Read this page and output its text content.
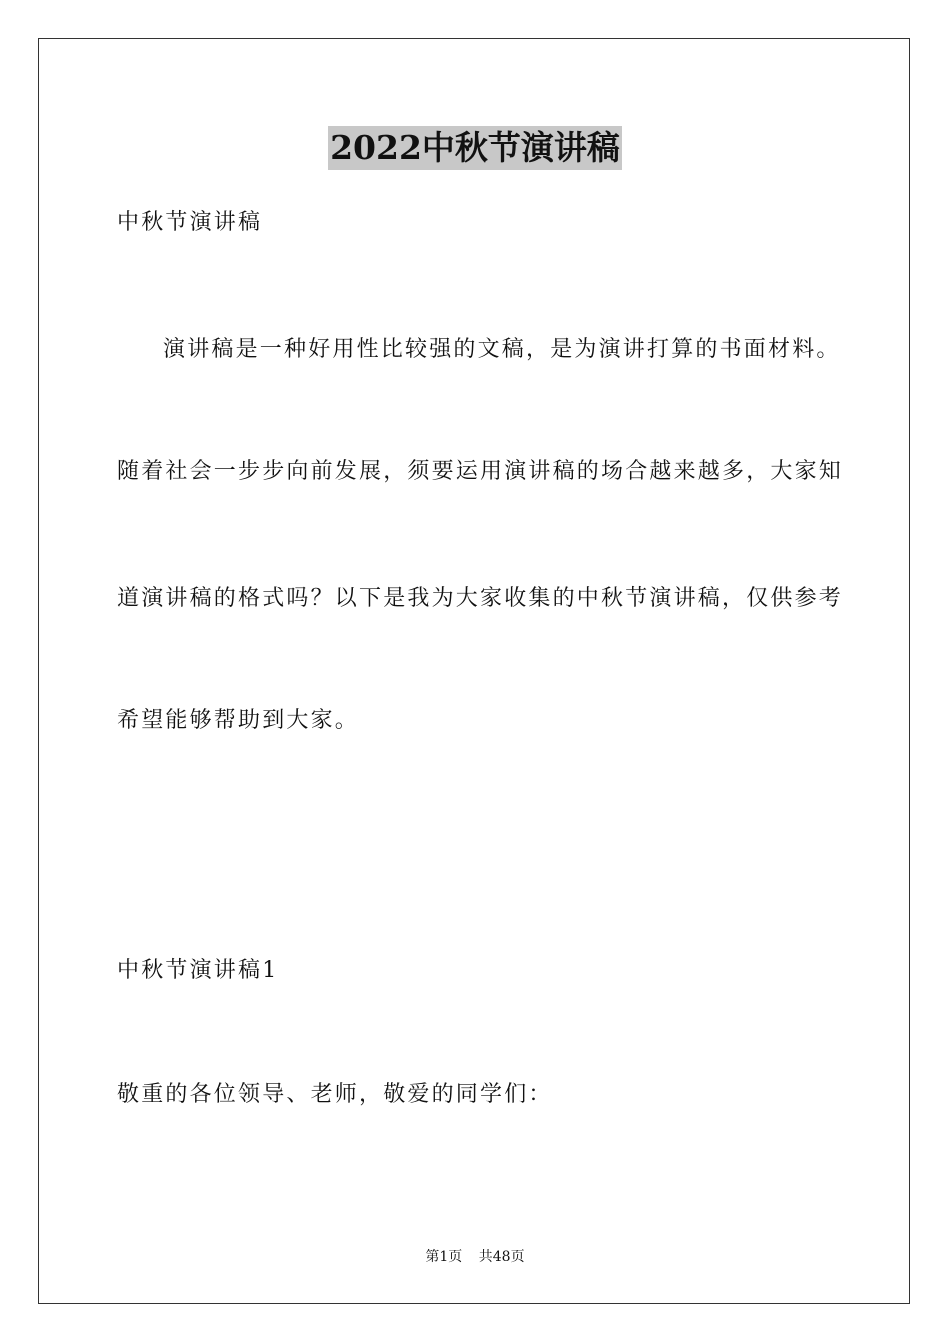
2022中秋节演讲稿
中秋节演讲稿
演讲稿是一种好用性比较强的文稿，是为演讲打算的书面材料。
随着社会一步步向前发展，须要运用演讲稿的场合越来越多，大家知
道演讲稿的格式吗？以下是我为大家收集的中秋节演讲稿，仅供参考
希望能够帮助到大家。
中秋节演讲稿1
敬重的各位领导、老师，敬爱的同学们：
第1页 共48页
